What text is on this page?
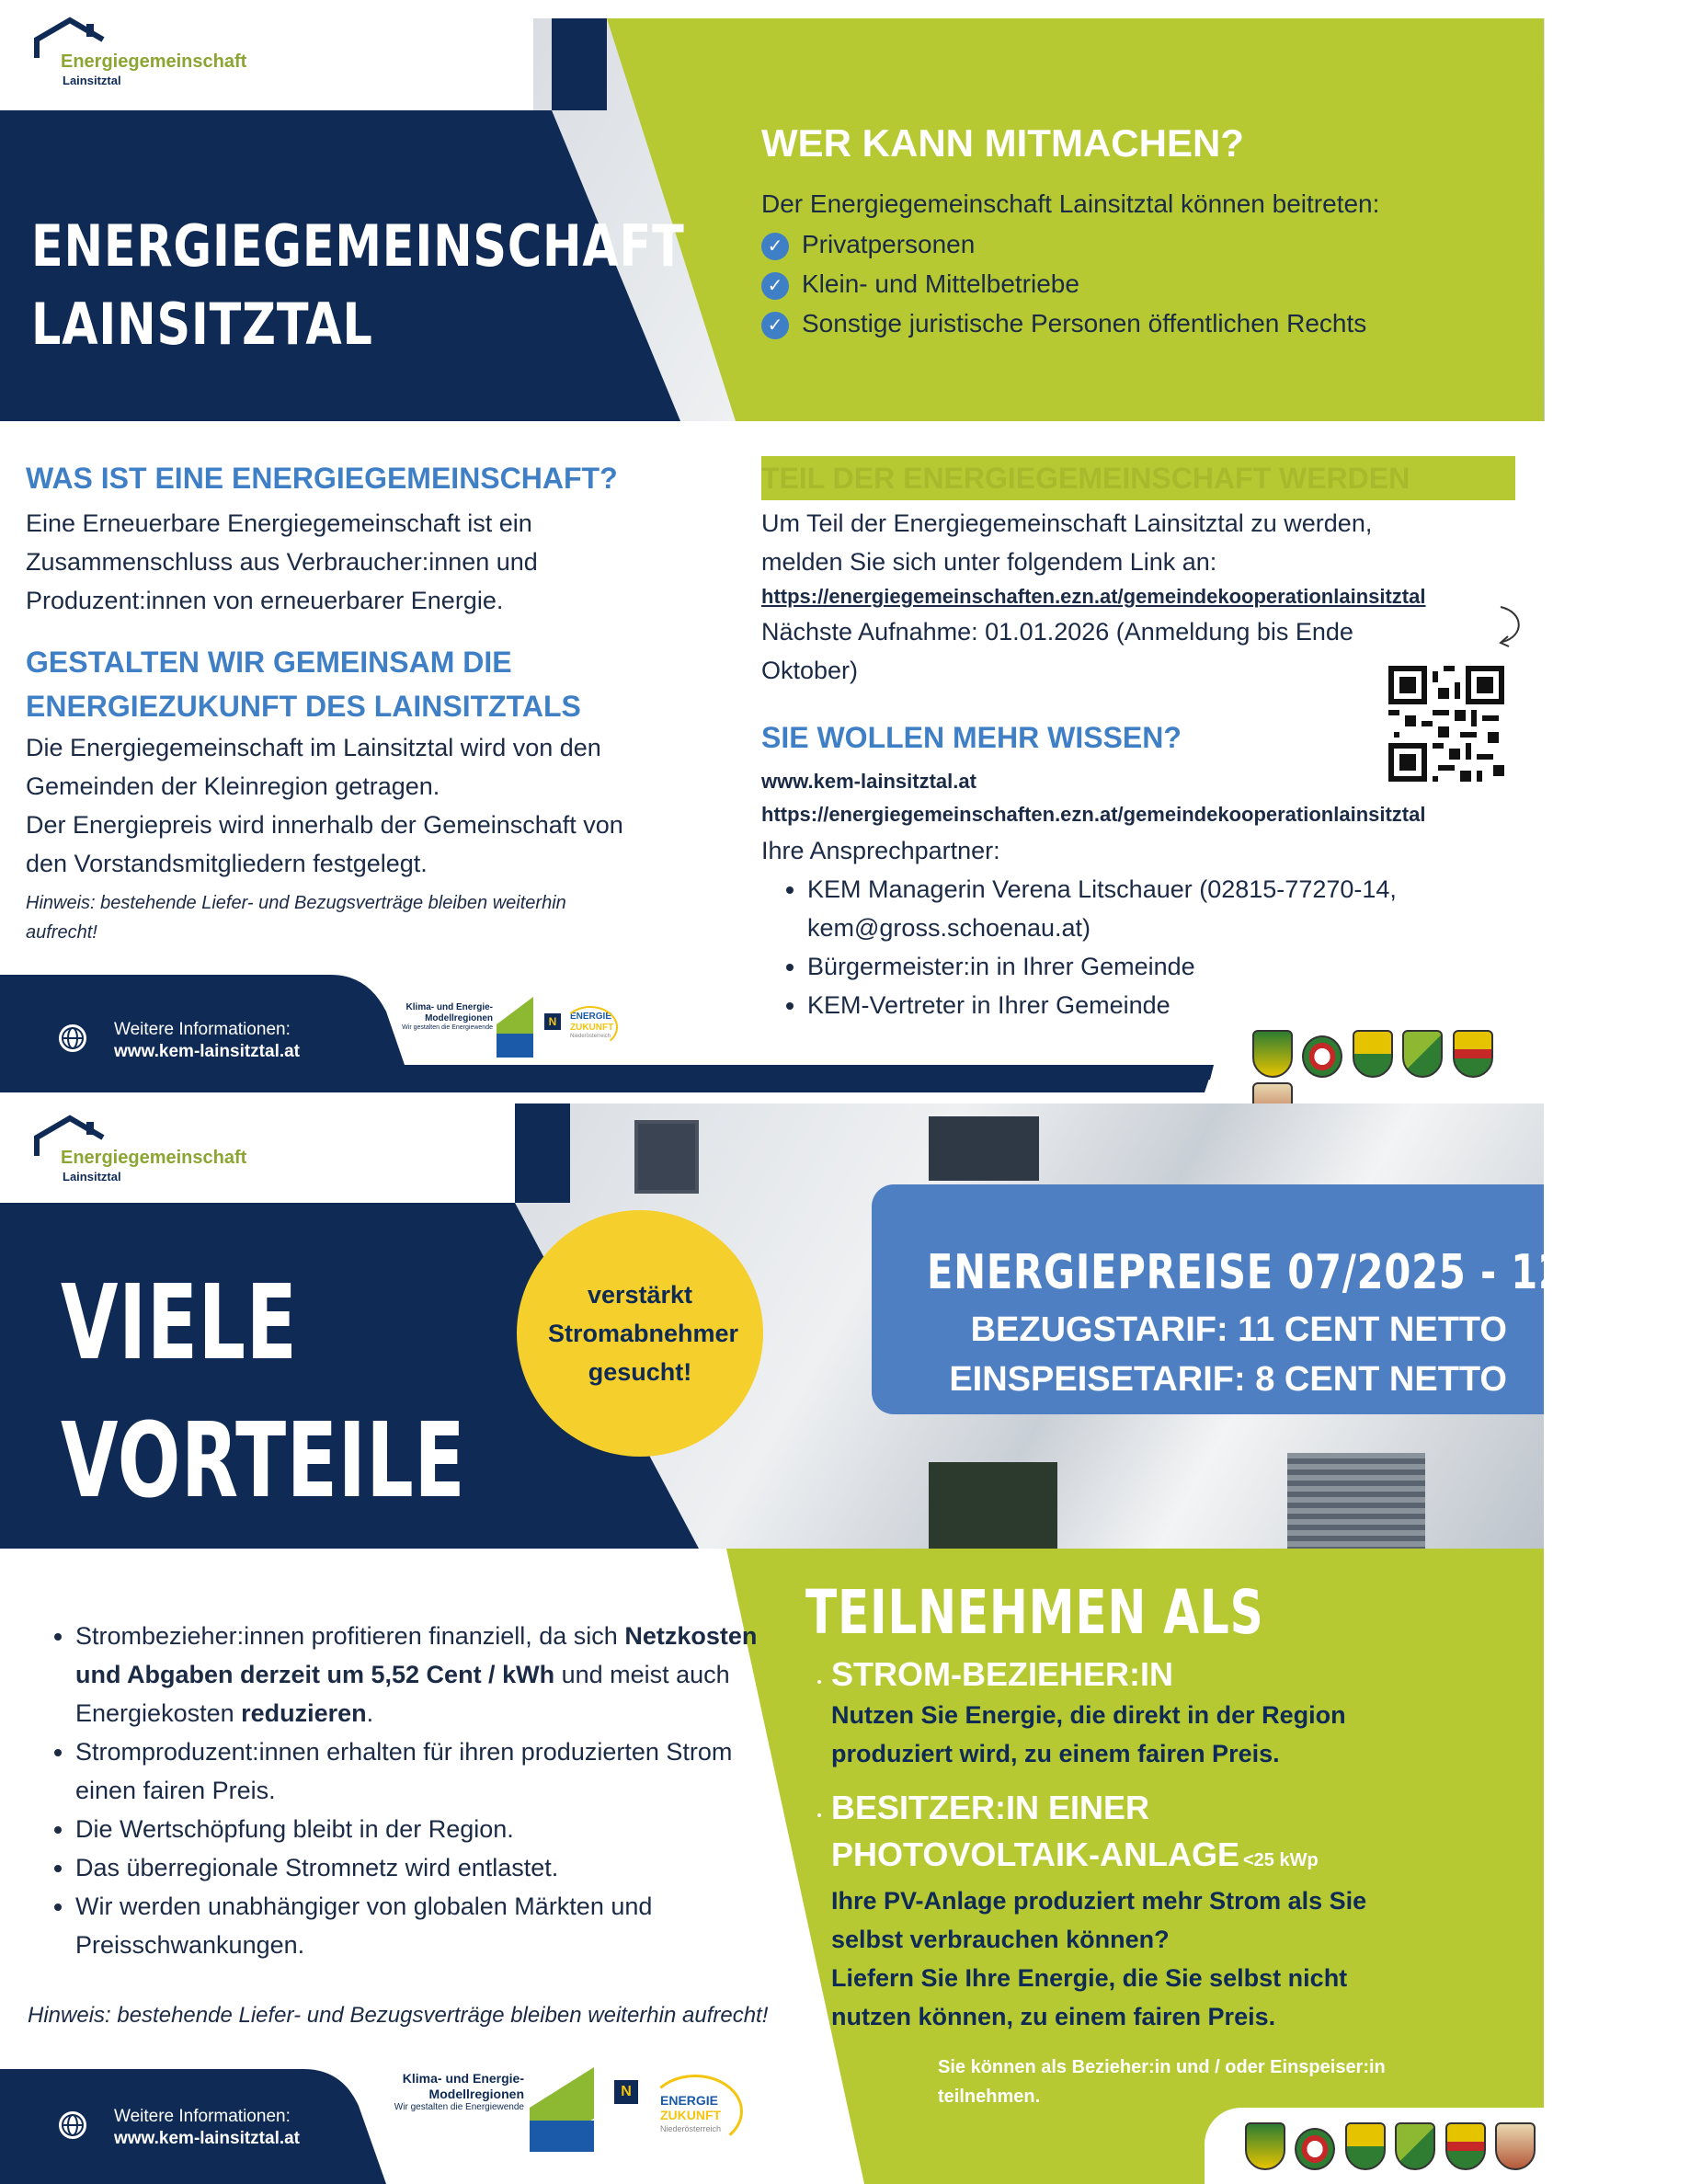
Energiegemeinschaft
Lainsitztal
ENERGIEGEMEINSCHAFT
LAINSITZTAL
WER KANN MITMACHEN?
Der Energiegemeinschaft Lainsitztal können beitreten:
✓ Privatpersonen
✓ Klein- und Mittelbetriebe
✓ Sonstige juristische Personen öffentlichen Rechts
WAS IST EINE ENERGIEGEMEINSCHAFT?

Eine Erneuerbare Energiegemeinschaft ist ein Zusammenschluss aus Verbraucher:innen und Produzent:innen von erneuerbarer Energie.

GESTALTEN WIR GEMEINSAM DIE
ENERGIEZUKUNFT DES LAINSITZTALS

Die Energiegemeinschaft im Lainsitztal wird von den Gemeinden der Kleinregion getragen.

Der Energiepreis wird innerhalb der Gemeinschaft von den Vorstandsmitgliedern festgelegt.

Hinweis: bestehende Liefer- und Bezugsverträge bleiben weiterhin aufrecht!

TEIL DER ENERGIEGEMEINSCHAFT WERDEN

Um Teil der Energiegemeinschaft Lainsitztal zu werden, melden Sie sich unter folgendem Link an:

https://energiegemeinschaften.ezn.at/gemeindekooperationlainsitztal

Nächste Aufnahme: 01.01.2026 (Anmeldung bis Ende Oktober)

SIE WOLLEN MEHR WISSEN?
www.kem-lainsitztal.at
https://energiegemeinschaften.ezn.at/gemeindekooperationlainsitztal

Ihre Ansprechpartner:

• KEM Managerin Verena Litschauer (02815-77270-14, kem@gross.schoenau.at)
• Bürgermeister:in in Ihrer Gemeinde
• KEM-Vertreter in Ihrer Gemeinde
Weitere Informationen:
www.kem-lainsitztal.at
Klima- und Energie-Modellregionen
Wir gestalten die Energiewende	N	ENERGIE
ZUKUNFT
Niederösterreich

Energiegemeinschaft
Lainsitztal
VIELE
VORTEILE
verstärkt Stromabnehmer gesucht!
ENERGIEPREISE 07/2025 - 12/2025
BEZUGSTARIF: 11 CENT NETTO
EINSPEISETARIF: 8 CENT NETTO
• Strombezieher:innen profitieren finanziell, da sich Netzkosten und Abgaben derzeit um 5,52 Cent / kWh und meist auch Energiekosten reduzieren.
• Stromproduzent:innen erhalten für ihren produzierten Strom einen fairen Preis.
• Die Wertschöpfung bleibt in der Region.
• Das überregionale Stromnetz wird entlastet.
• Wir werden unabhängiger von globalen Märkten und Preisschwankungen.

Hinweis: bestehende Liefer- und Bezugsverträge bleiben weiterhin aufrecht!

TEILNEHMEN ALS
• STROM-BEZIEHER:IN
Nutzen Sie Energie, die direkt in der Region produziert wird, zu einem fairen Preis.
• BESITZER:IN EINER
PHOTOVOLTAIK-ANLAGE <25 kWp
Ihre PV-Anlage produziert mehr Strom als Sie selbst verbrauchen können?
Liefern Sie Ihre Energie, die Sie selbst nicht nutzen können, zu einem fairen Preis.
Sie können als Bezieher:in und / oder Einspeiser:in teilnehmen.
Weitere Informationen:
www.kem-lainsitztal.at
Klima- und Energie-Modellregionen
Wir gestalten die Energiewende
N
ENERGIE
ZUKUNFT
Niederösterreich
